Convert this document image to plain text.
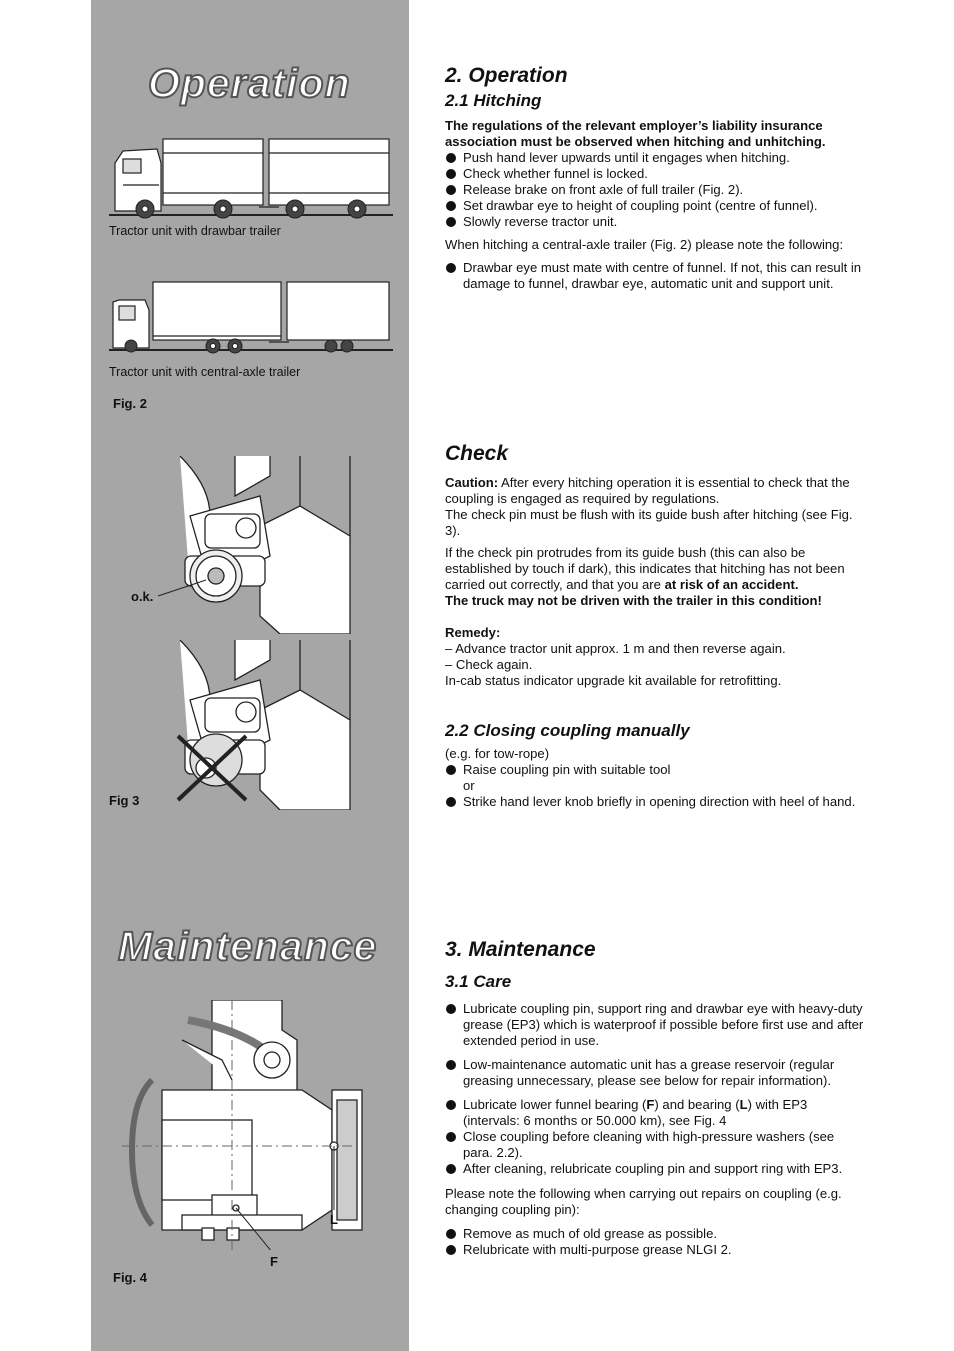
Operation
Maintenance

Tractor unit with drawbar trailer

Tractor unit with central-axle trailer

Fig. 2

o.k.

Fig 3

L

F

Fig. 4

2. Operation
2.1 Hitching

The regulations of the relevant employer’s liability insurance association must be observed when hitching and unhitching.

Push hand lever upwards until it engages when hitching.
Check whether funnel is locked.
Release brake on front axle of full trailer (Fig. 2).
Set drawbar eye to height of coupling point (centre of funnel).
Slowly reverse tractor unit.

When hitching a central-axle trailer (Fig. 2) please note the following:

Drawbar eye must mate with centre of funnel. If not, this can result in damage to funnel, drawbar eye, automatic unit and support unit.
Check

Caution: After every hitching operation it is essential to check that the coupling is engaged as required by regulations.

The check pin must be flush with its guide bush after hitching (see Fig. 3).

If the check pin protrudes from its guide bush (this can also be established by touch if dark), this indicates that hitching has not been carried out correctly, and that you are at risk of an accident.

The truck may not be driven with the trailer in this condition!

Remedy:

– Advance tractor unit approx. 1 m and then reverse again.

– Check again.

In-cab status indicator upgrade kit available for retrofitting.

2.2 Closing coupling manually

(e.g. for tow-rope)

Raise coupling pin with suitable tool

or

Strike hand lever knob briefly in opening direction with heel of hand.
3. Maintenance
3.1 Care
Lubricate coupling pin, support ring and drawbar eye with heavy-duty grease (EP3) which is waterproof if possible before first use and after extended period in use.
Low-maintenance automatic unit has a grease reservoir (regular greasing unnecessary, please see below for repair information).
Lubricate lower funnel bearing (F) and bearing (L) with EP3 (intervals: 6 months or 50.000 km), see Fig. 4
Close coupling before cleaning with high-pressure washers (see para. 2.2).
After cleaning, relubricate coupling pin and support ring with EP3.

Please note the following when carrying out repairs on coupling (e.g. changing coupling pin):

Remove as much of old grease as possible.
Relubricate with multi-purpose grease NLGI 2.
